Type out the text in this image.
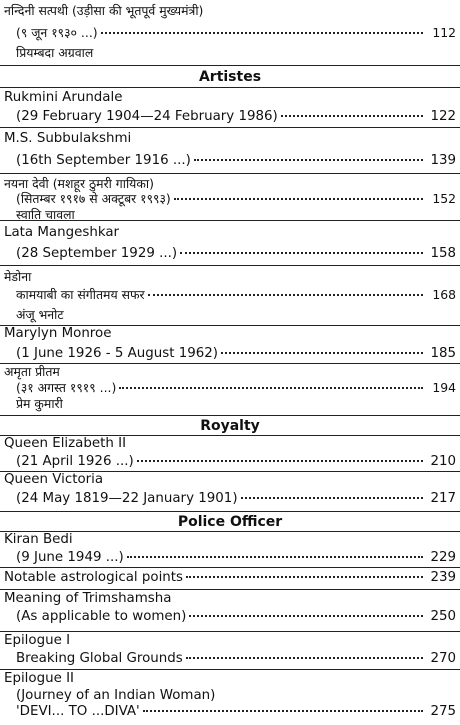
नन्दिनी सत्पथी (उड़ीसा की भूतपूर्व मुख्यमंत्री)
(९ जून १९३० ...)	112
प्रियम्बदा अग्रवाल
Artistes
Rukmini Arundale
(29 February 1904—24 February 1986)	122
M.S. Subbulakshmi
(16th September 1916 ...)	139
नयना देवी (मशहूर ठुमरी गायिका)
(सितम्बर १९१७ से अक्टूबर १९९३)	152
स्वाति चावला
Lata Mangeshkar
(28 September 1929 ...)	158
मेडोना
कामयाबी का संगीतमय सफर	168
अंजू भनोट
Marylyn Monroe
(1 June 1926 - 5 August 1962)	185
अमृता प्रीतम
(३१ अगस्त १९१९ ...)	194
प्रेम कुमारी
Royalty
Queen Elizabeth II
(21 April 1926 ...)	210
Queen Victoria
(24 May 1819—22 January 1901)	217
Police Officer
Kiran Bedi
(9 June 1949 ...)	229
Notable astrological points	239
Meaning of Trimshamsha
(As applicable to women)	250
Epilogue I
Breaking Global Grounds	270
Epilogue II
(Journey of an Indian Woman)
'DEVI... TO ...DIVA'	275
